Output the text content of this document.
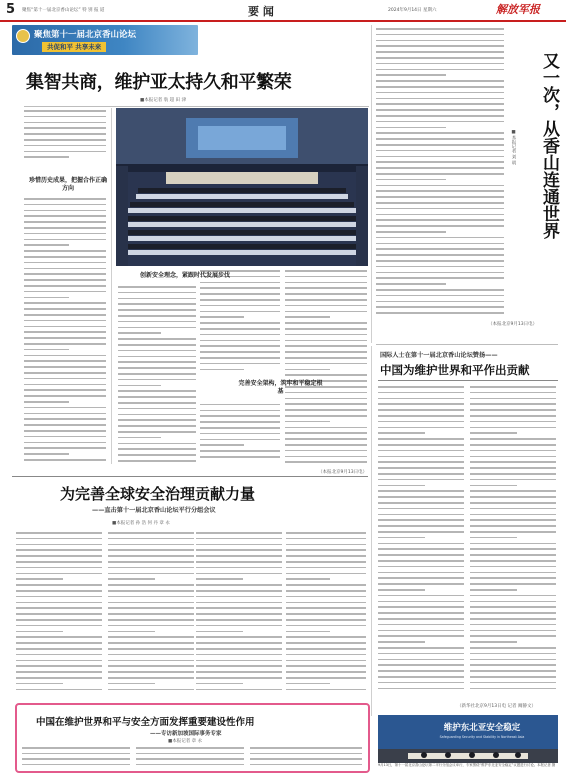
5 聚焦“第十一届北京香山论坛” 特 别 报 道	要 闻	2024年9月14日 星期六	解放军报
聚焦第十一届北京香山论坛
共促和平 共享未来
集智共商，维护亚太持久和平繁荣
■本报记者 翁 超 田 津
珍惜历史成果，把握合作正确方向
创新安全理念，紧跟时代发展步伐
完善安全架构，筑牢和平稳定根基
（本报北京9月13日电）
又一次，从香山连通世界
■本报记者 刘 明
（本报北京9月13日电）
国际人士在第十一届北京香山论坛赞扬——
中国为维护世界和平作出贡献
（新华社北京9月13日电 记者 阚静文）
为完善全球安全治理贡献力量
——直击第十一届北京香山论坛平行分组会议
■本报记者 孙 浩 何 丹 章 永
中国在维护世界和平与安全方面发挥重要建设性作用
——专访新加坡国际事务专家
■本报记者 章 永
维护东北亚安全稳定
Safeguarding Security and Stability in Northeast Asia
9月13日，第十一届北京香山论坛第二平行分组会议举行，专家围绕“维护东北亚安全稳定”议题进行讨论。本报记者 摄
